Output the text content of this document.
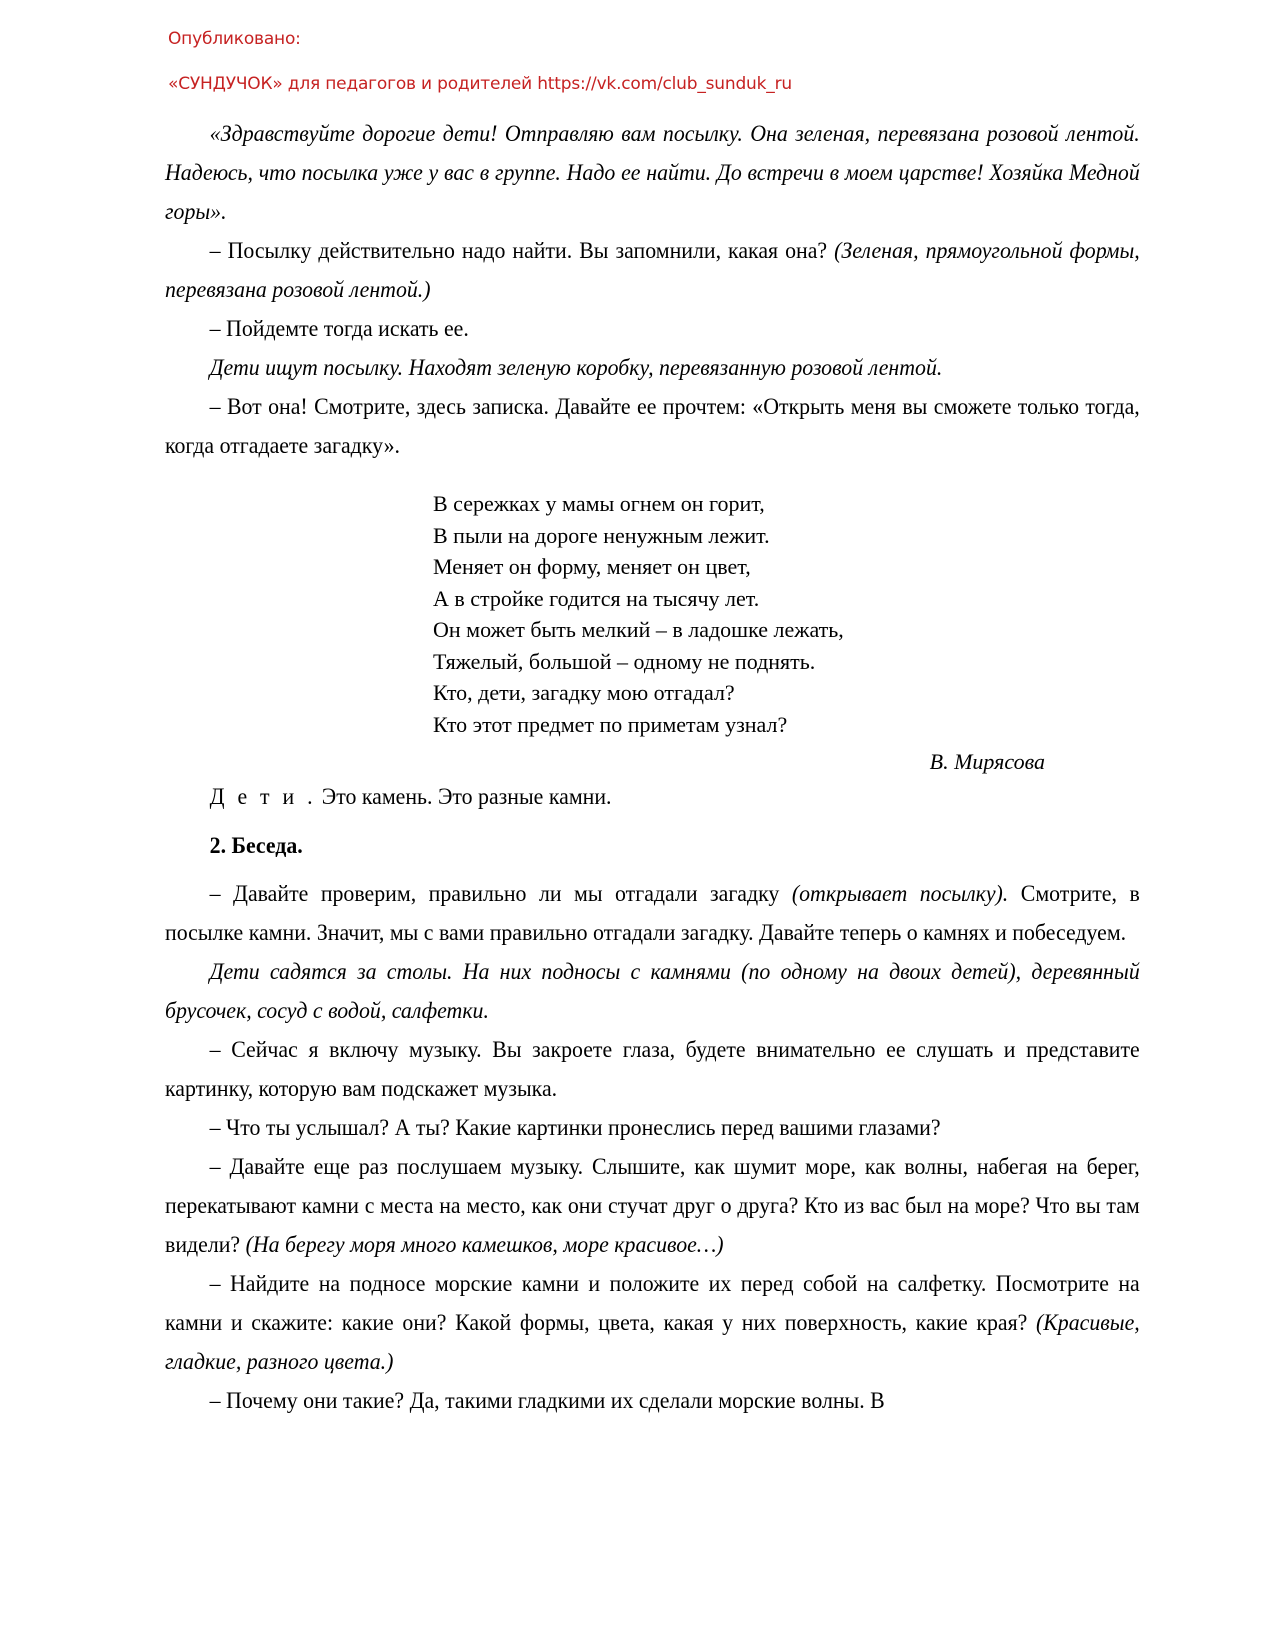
Опубликовано:
«СУНДУЧОК» для педагогов и родителей https://vk.com/club_sunduk_ru

«Здравствуйте дорогие дети! Отправляю вам посылку. Она зеленая, перевязана розовой лентой. Надеюсь, что посылка уже у вас в группе. Надо ее найти. До встречи в моем царстве! Хозяйка Медной горы».

– Посылку действительно надо найти. Вы запомнили, какая она? (Зеленая, прямоугольной формы, перевязана розовой лентой.)

– Пойдемте тогда искать ее.

Дети ищут посылку. Находят зеленую коробку, перевязанную розовой лентой.

– Вот она! Смотрите, здесь записка. Давайте ее прочтем: «Открыть меня вы сможете только тогда, когда отгадаете загадку».

В сережках у мамы огнем он горит,
В пыли на дороге ненужным лежит.
Меняет он форму, меняет он цвет,
А в стройке годится на тысячу лет.
Он может быть мелкий – в ладошке лежать,
Тяжелый, большой – одному не поднять.
Кто, дети, загадку мою отгадал?
Кто этот предмет по приметам узнал?
В. Мирясова

Д е т и . Это камень. Это разные камни.

2. Беседа.

– Давайте проверим, правильно ли мы отгадали загадку (открывает посылку). Смотрите, в посылке камни. Значит, мы с вами правильно отгадали загадку. Давайте теперь о камнях и побеседуем.

Дети садятся за столы. На них подносы с камнями (по одному на двоих детей), деревянный брусочек, сосуд с водой, салфетки.

– Сейчас я включу музыку. Вы закроете глаза, будете внимательно ее слушать и представите картинку, которую вам подскажет музыка.

– Что ты услышал? А ты? Какие картинки пронеслись перед вашими глазами?

– Давайте еще раз послушаем музыку. Слышите, как шумит море, как волны, набегая на берег, перекатывают камни с места на место, как они стучат друг о друга? Кто из вас был на море? Что вы там видели? (На берегу моря много камешков, море красивое…)

– Найдите на подносе морские камни и положите их перед собой на салфетку. Посмотрите на камни и скажите: какие они? Какой формы, цвета, какая у них поверхность, какие края? (Красивые, гладкие, разного цвета.)

– Почему они такие? Да, такими гладкими их сделали морские волны. В
